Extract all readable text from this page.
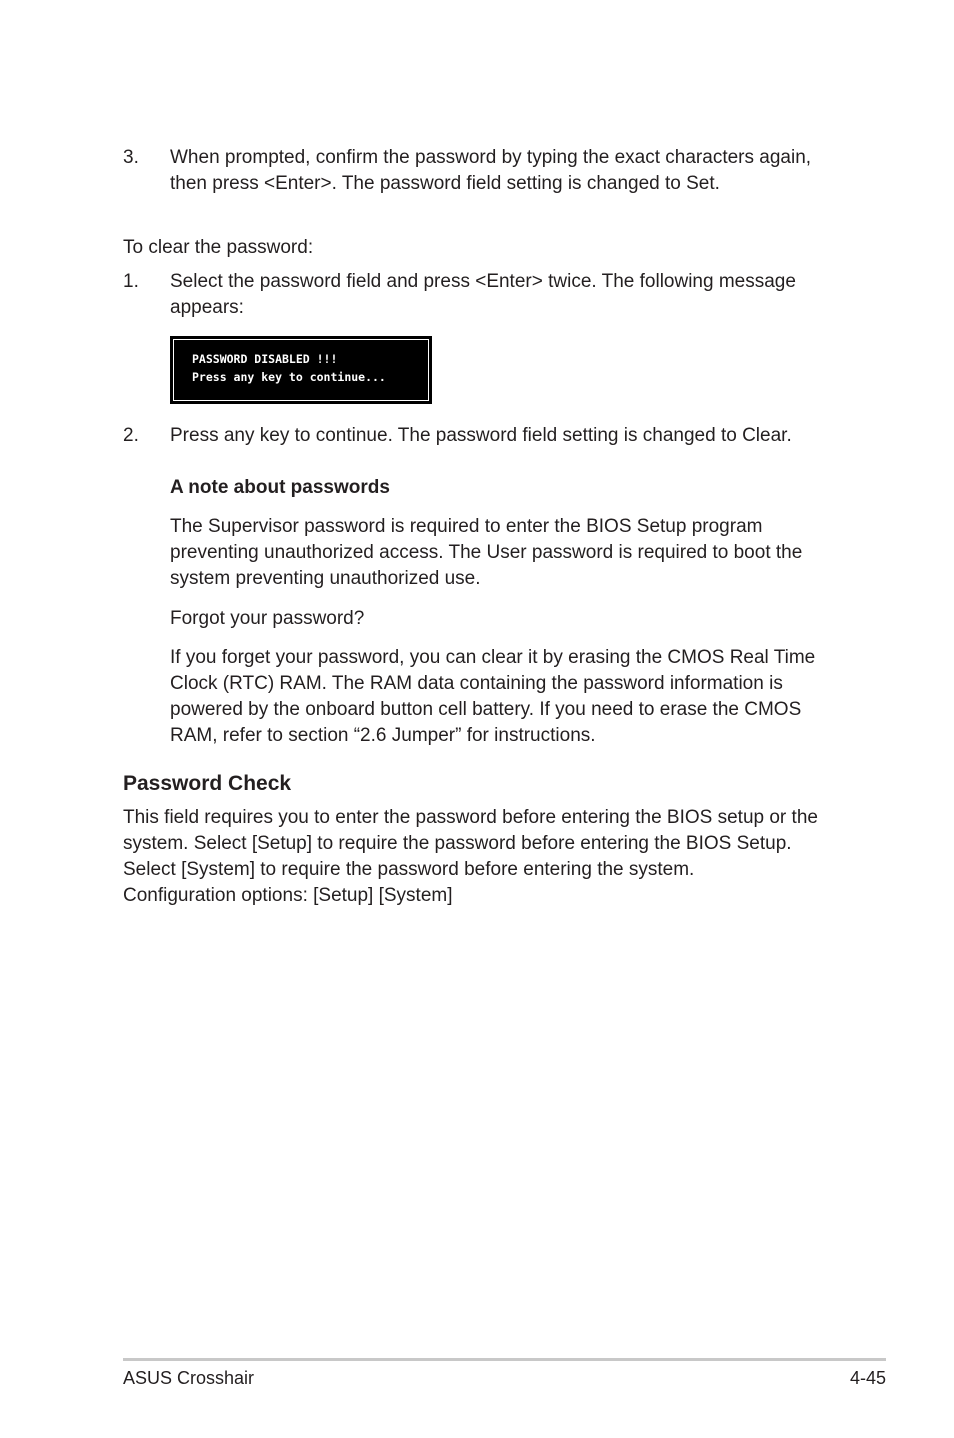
3. When prompted, confirm the password by typing the exact characters again,
then press <Enter>. The password field setting is changed to Set.
To clear the password:
1. Select the password field and press <Enter> twice. The following message
appears:
PASSWORD DISABLED !!!
Press any key to continue...
2. Press any key to continue. The password field setting is changed to Clear.
A note about passwords
The Supervisor password is required to enter the BIOS Setup program
preventing unauthorized access. The User password is required to boot the
system preventing unauthorized use.
Forgot your password?
If you forget your password, you can clear it by erasing the CMOS Real Time
Clock (RTC) RAM. The RAM data containing the password information is
powered by the onboard button cell battery. If you need to erase the CMOS
RAM, refer to section “2.6 Jumper” for instructions.
Password Check
This field requires you to enter the password before entering the BIOS setup or the
system. Select [Setup] to require the password before entering the BIOS Setup.
Select [System] to require the password before entering the system.
Configuration options: [Setup] [System]
ASUS Crosshair	4-45
